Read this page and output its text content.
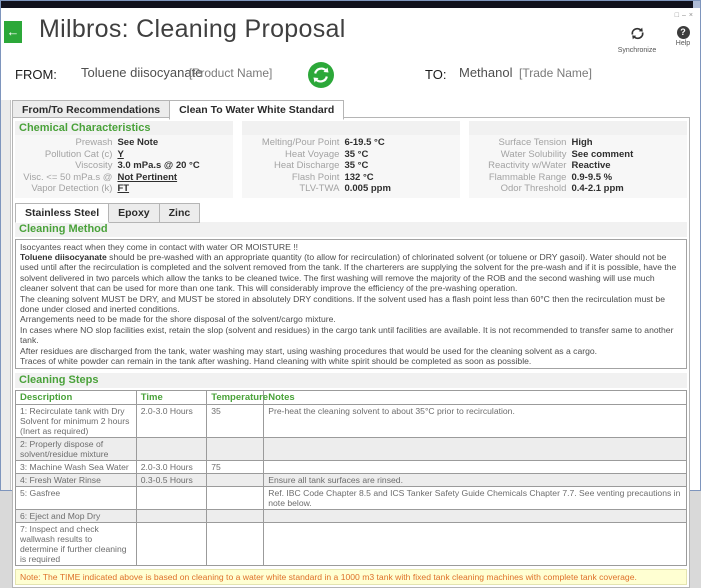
□–×
← Milbros: Cleaning Proposal
Synchronize
?
Help
FROM: Toluene diisocyanate
[Product Name]	TO: Methanol [Trade Name]
From/To Recommendations	Clean To Water White Standard
Chemical Characteristics
Prewash See Note
Pollution Cat (c) Y
Viscosity 3.0 mPa.s @ 20 °C
Visc. <= 50 mPa.s @ Not Pertinent
Vapor Detection (k) FT
Melting/Pour Point 6-19.5 °C
Heat Voyage 35 °C
Heat Discharge 35 °C
Flash Point 132 °C
TLV-TWA 0.005 ppm
Surface Tension High
Water Solubility See comment
Reactivity w/Water Reactive
Flammable Range 0.9-9.5 %
Odor Threshold 0.4-2.1 ppm
Stainless Steel	Epoxy	Zinc
Cleaning Method

Isocyantes react when they come in contact with water OR MOISTURE !!

Toluene diisocyanate should be pre-washed with an appropriate quantity (to allow for recirculation) of chlorinated solvent (or toluene or DRY gasoil). Water should not be used until after the recirculation is completed and the solvent removed from the tank. If the charterers are supplying the solvent for the pre-wash and if it is possible, have the solvent delivered in two parcels which allow the tanks to be cleaned twice. The first washing will remove the majority of the ROB and the second washing will use much cleaner solvent that can be used for more than one tank. This will considerably improve the efficiency of the pre-washing operation.

The cleaning solvent MUST be DRY, and MUST be stored in absolutely DRY conditions. If the solvent used has a flash point less than 60°C then the recirculation must be done under closed and inerted conditions.

Arrangements need to be made for the shore disposal of the solvent/cargo mixture.

In cases where NO slop facilities exist, retain the slop (solvent and residues) in the cargo tank until facilities are available. It is not recommended to transfer same to another tank.

After residues are discharged from the tank, water washing may start, using washing procedures that would be used for the cleaning solvent as a cargo.

Traces of white powder can remain in the tank after washing. Hand cleaning with white spirit should be completed as soon as possible.

Cleaning Steps
Description	Time	Temperature	Notes
1: Recirculate tank with Dry Solvent for minimum 2 hours (Inert as required)	2.0-3.0 Hours	35	Pre-heat the cleaning solvent to about 35°C prior to recirculation.
2: Properly dispose of solvent/residue mixture			
3: Machine Wash Sea Water	2.0-3.0 Hours	75	
4: Fresh Water Rinse	0.3-0.5 Hours		Ensure all tank surfaces are rinsed.
5: Gasfree			Ref. IBC Code Chapter 8.5 and ICS Tanker Safety Guide Chemicals Chapter 7.7. See venting precautions in note below.
6: Eject and Mop Dry			
7: Inspect and check wallwash results to determine if further cleaning is required			
Note: The TIME indicated above is based on cleaning to a water white standard in a 1000 m3 tank with fixed tank cleaning machines with complete tank coverage.
